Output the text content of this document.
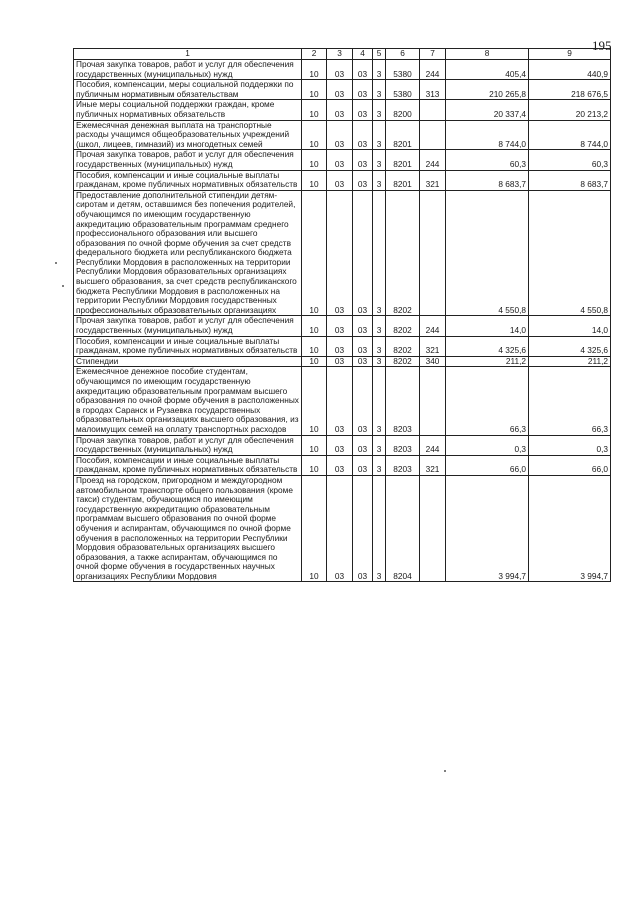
195
1	2	3	4	5	6	7	8	9
Прочая закупка товаров, работ и услуг для обеспечения государственных (муниципальных) нужд	10	03	03	3	5380	244	405,4	440,9
Пособия, компенсации, меры социальной поддержки по публичным нормативным обязательствам	10	03	03	3	5380	313	210 265,8	218 676,5
Иные меры социальной поддержки граждан, кроме публичных нормативных обязательств	10	03	03	3	8200		20 337,4	20 213,2
Ежемесячная денежная выплата на транспортные расходы учащимся общеобразовательных учреждений (школ, лицеев, гимназий) из многодетных семей	10	03	03	3	8201		8 744,0	8 744,0
Прочая закупка товаров, работ и услуг для обеспечения государственных (муниципальных) нужд	10	03	03	3	8201	244	60,3	60,3
Пособия, компенсации и иные социальные выплаты гражданам, кроме публичных нормативных обязательств	10	03	03	3	8201	321	8 683,7	8 683,7
Предоставление дополнительной стипендии детям-сиротам и детям, оставшимся без попечения родителей, обучающимся по имеющим государственную аккредитацию образовательным программам среднего профессионального образования или высшего образования по очной форме обучения за счет средств федерального бюджета или республиканского бюджета Республики Мордовия в расположенных на территории Республики Мордовия образовательных организациях высшего образования, за счет средств республиканского бюджета Республики Мордовия в расположенных на территории Республики Мордовия государственных профессиональных образовательных организациях	10	03	03	3	8202		4 550,8	4 550,8
Прочая закупка товаров, работ и услуг для обеспечения государственных (муниципальных) нужд	10	03	03	3	8202	244	14,0	14,0
Пособия, компенсации и иные социальные выплаты гражданам, кроме публичных нормативных обязательств	10	03	03	3	8202	321	4 325,6	4 325,6
Стипендии	10	03	03	3	8202	340	211,2	211,2
Ежемесячное денежное пособие студентам, обучающимся по имеющим государственную аккредитацию образовательным программам высшего образования по очной форме обучения в расположенных в городах Саранск и Рузаевка государственных образовательных организациях высшего образования, из малоимущих семей на оплату транспортных расходов	10	03	03	3	8203		66,3	66,3
Прочая закупка товаров, работ и услуг для обеспечения государственных (муниципальных) нужд	10	03	03	3	8203	244	0,3	0,3
Пособия, компенсации и иные социальные выплаты гражданам, кроме публичных нормативных обязательств	10	03	03	3	8203	321	66,0	66,0
Проезд на городском, пригородном и междугородном автомобильном транспорте общего пользования (кроме такси) студентам, обучающимся по имеющим государственную аккредитацию образовательным программам высшего образования по очной форме обучения и аспирантам, обучающимся по очной форме обучения в расположенных на территории Республики Мордовия образовательных организациях высшего образования, а также аспирантам, обучающимся по очной форме обучения в государственных научных организациях Республики Мордовия	10	03	03	3	8204		3 994,7	3 994,7
